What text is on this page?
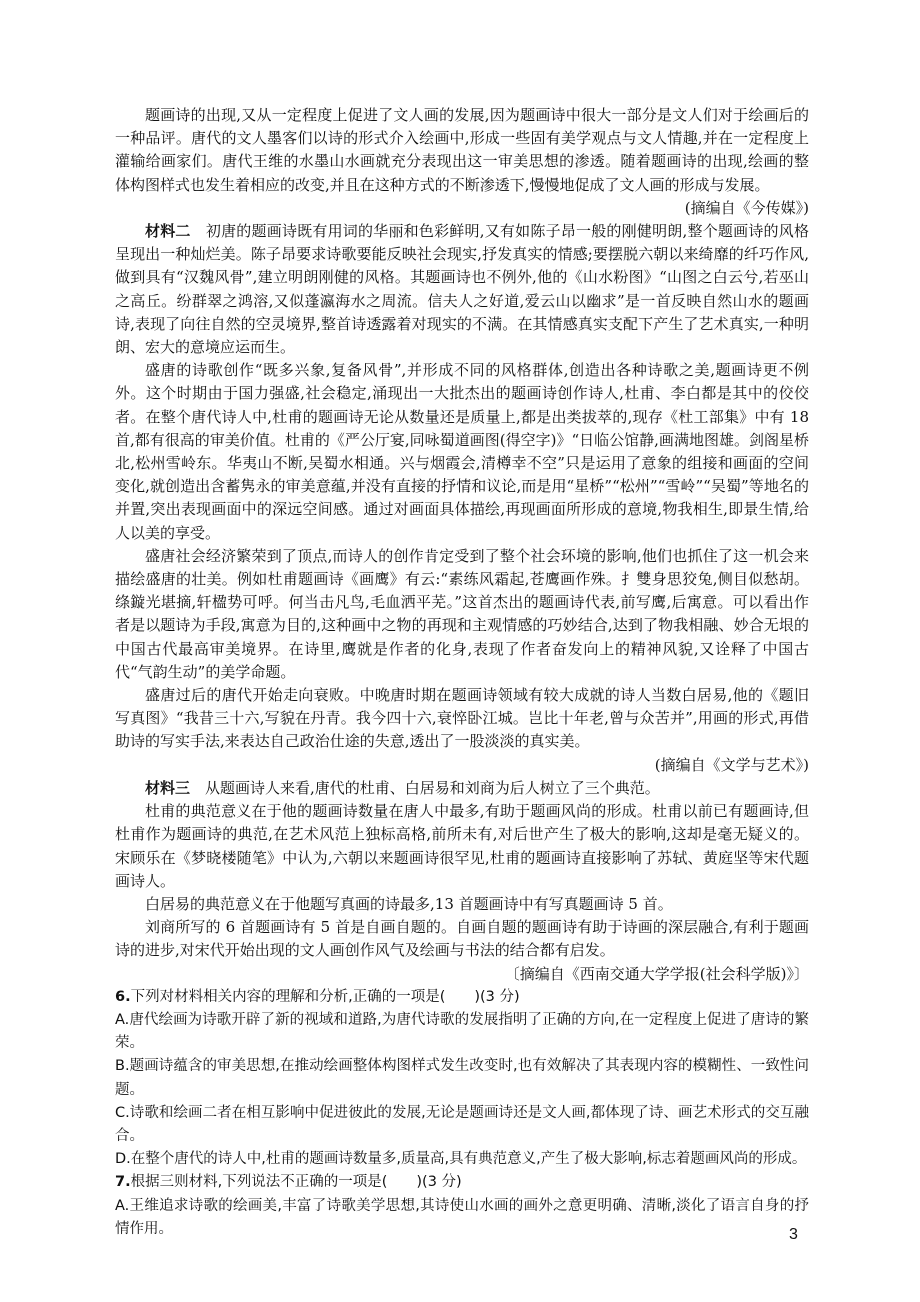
题画诗的出现,又从一定程度上促进了文人画的发展,因为题画诗中很大一部分是文人们对于绘画后的一种品评。唐代的文人墨客们以诗的形式介入绘画中,形成一些固有美学观点与文人情趣,并在一定程度上灌输给画家们。唐代王维的水墨山水画就充分表现出这一审美思想的渗透。随着题画诗的出现,绘画的整体构图样式也发生着相应的改变,并且在这种方式的不断渗透下,慢慢地促成了文人画的形成与发展。

(摘编自《今传媒》)

材料二　 初唐的题画诗既有用词的华丽和色彩鲜明,又有如陈子昂一般的刚健明朗,整个题画诗的风格呈现出一种灿烂美。陈子昂要求诗歌要能反映社会现实,抒发真实的情感;要摆脱六朝以来绮靡的纤巧作风,做到具有“汉魏风骨”,建立明朗刚健的风格。其题画诗也不例外,他的《山水粉图》“山图之白云兮,若巫山之高丘。纷群翠之鸿溶,又似蓬瀛海水之周流。信夫人之好道,爱云山以幽求”是一首反映自然山水的题画诗,表现了向往自然的空灵境界,整首诗透露着对现实的不满。在其情感真实支配下产生了艺术真实,一种明朗、宏大的意境应运而生。

盛唐的诗歌创作“既多兴象,复备风骨”,并形成不同的风格群体,创造出各种诗歌之美,题画诗更不例外。这个时期由于国力强盛,社会稳定,涌现出一大批杰出的题画诗创作诗人,杜甫、李白都是其中的佼佼者。在整个唐代诗人中,杜甫的题画诗无论从数量还是质量上,都是出类拔萃的,现存《杜工部集》中有 18 首,都有很高的审美价值。杜甫的《严公厅宴,同咏蜀道画图(得空字)》“日临公馆静,画满地图雄。剑阁星桥北,松州雪岭东。华夷山不断,吴蜀水相通。兴与烟霞会,清樽幸不空”只是运用了意象的组接和画面的空间变化,就创造出含蓄隽永的审美意蕴,并没有直接的抒情和议论,而是用“星桥”“松州”“雪岭”“吴蜀”等地名的并置,突出表现画面中的深远空间感。通过对画面具体描绘,再现画面所形成的意境,物我相生,即景生情,给人以美的享受。

盛唐社会经济繁荣到了顶点,而诗人的创作肯定受到了整个社会环境的影响,他们也抓住了这一机会来描绘盛唐的壮美。例如杜甫题画诗《画鹰》有云:“素练风霜起,苍鹰画作殊。扌雙身思狡兔,侧目似愁胡。绦鏇光堪摘,轩楹势可呼。何当击凡鸟,毛血洒平芜。”这首杰出的题画诗代表,前写鹰,后寓意。可以看出作者是以题诗为手段,寓意为目的,这种画中之物的再现和主观情感的巧妙结合,达到了物我相融、妙合无垠的中国古代最高审美境界。在诗里,鹰就是作者的化身,表现了作者奋发向上的精神风貌,又诠释了中国古代“气韵生动”的美学命题。

盛唐过后的唐代开始走向衰败。中晚唐时期在题画诗领域有较大成就的诗人当数白居易,他的《题旧写真图》“我昔三十六,写貌在丹青。我今四十六,衰悴卧江城。岂比十年老,曾与众苦并”,用画的形式,再借助诗的写实手法,来表达自己政治仕途的失意,透出了一股淡淡的真实美。

(摘编自《文学与艺术》)

材料三　 从题画诗人来看,唐代的杜甫、白居易和刘商为后人树立了三个典范。

杜甫的典范意义在于他的题画诗数量在唐人中最多,有助于题画风尚的形成。杜甫以前已有题画诗,但杜甫作为题画诗的典范,在艺术风范上独标高格,前所未有,对后世产生了极大的影响,这却是毫无疑义的。宋顾乐在《梦晓楼随笔》中认为,六朝以来题画诗很罕见,杜甫的题画诗直接影响了苏轼、黄庭坚等宋代题画诗人。

白居易的典范意义在于他题写真画的诗最多,13 首题画诗中有写真题画诗 5 首。

刘商所写的 6 首题画诗有 5 首是自画自题的。自画自题的题画诗有助于诗画的深层融合,有利于题画诗的进步,对宋代开始出现的文人画创作风气及绘画与书法的结合都有启发。

〔摘编自《西南交通大学学报(社会科学版)》〕

6.下列对材料相关内容的理解和分析,正确的一项是(　　)(3 分)

A.唐代绘画为诗歌开辟了新的视域和道路,为唐代诗歌的发展指明了正确的方向,在一定程度上促进了唐诗的繁荣。

B.题画诗蕴含的审美思想,在推动绘画整体构图样式发生改变时,也有效解决了其表现内容的模糊性、一致性问题。

C.诗歌和绘画二者在相互影响中促进彼此的发展,无论是题画诗还是文人画,都体现了诗、画艺术形式的交互融合。

D.在整个唐代的诗人中,杜甫的题画诗数量多,质量高,具有典范意义,产生了极大影响,标志着题画风尚的形成。

7.根据三则材料,下列说法不正确的一项是(　　)(3 分)

A.王维追求诗歌的绘画美,丰富了诗歌美学思想,其诗使山水画的画外之意更明确、清晰,淡化了语言自身的抒情作用。	3
